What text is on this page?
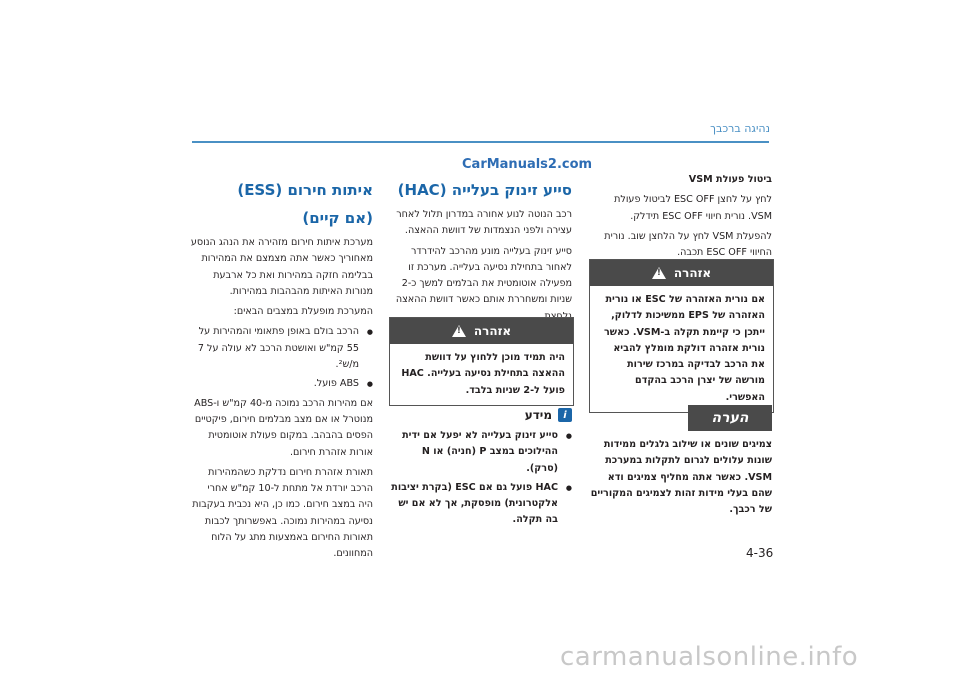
נהיגה ברכבך
CarManuals2.com

ביטול פעולת VSM

לחץ על לחצן ESC OFF לביטול פעולת VSM. נורית חיווי ESC OFF תידלק.

להפעלת VSM לחץ על הלחצן שוב. נורית החיווי ESC OFF תכבה.

אזהרה
!
אם נורית האזהרה של ESC או נורית האזהרה של EPS ממשיכות לדלוק, ייתכן כי קיימת תקלה ב-VSM. כאשר נורית אזהרה דולקת מומלץ להביא את הרכב לבדיקה במרכז שירות מורשה של יצרן הרכב בהקדם האפשרי.
הערה
צמיגים שונים או שילוב גלגלים ממידות שונות עלולים לגרום לתקלות במערכת VSM. כאשר אתה מחליף צמיגים ודא שהם בעלי מידות זהות לצמיגים המקוריים של רכבך.
סייע זינוק בעלייה (HAC)

רכב הנוטה לנוע אחורה במדרון תלול לאחר עצירה ולפני הנצמדות של דוושת ההאצה.

סייע זינוק בעלייה מונע מהרכב להידרדר לאחור בתחילת נסיעה בעלייה. מערכת זו מפעילה אוטומטית את הבלמים למשך כ-2 שניות ומשחררת אותם כאשר דוושת ההאצה

אזהרה
!
היה תמיד מוכן ללחוץ על דוושת ההאצה בתחילת נסיעה בעלייה. HAC פועל ל-2 שניות בלבד.
i
מידע
● סייע זינוק בעלייה לא יפעל אם ידית ההילוכים במצב P (חניה) או N (סרק).
● HAC פועל גם אם ESC (בקרת יציבות אלקטרונית) מופסקת, אך לא אם יש בה תקלה.
איתות חירום (ESS)
(אם קיים)

מערכת איתות חירום מזהירה את הנהג הנוסע מאחוריך כאשר אתה מצמצם את המהירות בבלימה חזקה במהירות ואת כל ארבעת מנורות האיתות מהבהבות במהירות.

המערכת מופעלת במצבים הבאים:

● הרכב בולם באופן פתאומי והמהירות על 55 קמ"ש ואושטת הרכב לא עולה על 7 מ/ש².
● ABS פועל.

אם מהירות הרכב נמוכה מ-40 קמ"ש ו-ABS מנוטרל או אם מצב מבלמים חירום, פיקטיים הפסים בהבהב. במקום פעולת אוטומטית אורות אזהרת חירום.

תאורת אזהרת חירום נדלקת כשהמהירות הרכב יורדת אל מתחת ל-10 קמ"ש אחרי היה במצב חירום. כמו כן, היא נכבית בעקבות נסיעה במהירות נמוכה. באפשרותך לכבות תאורות החירום באמצעות מתג על הלוח המחוונים.	4-36
carmanualsonline.info
